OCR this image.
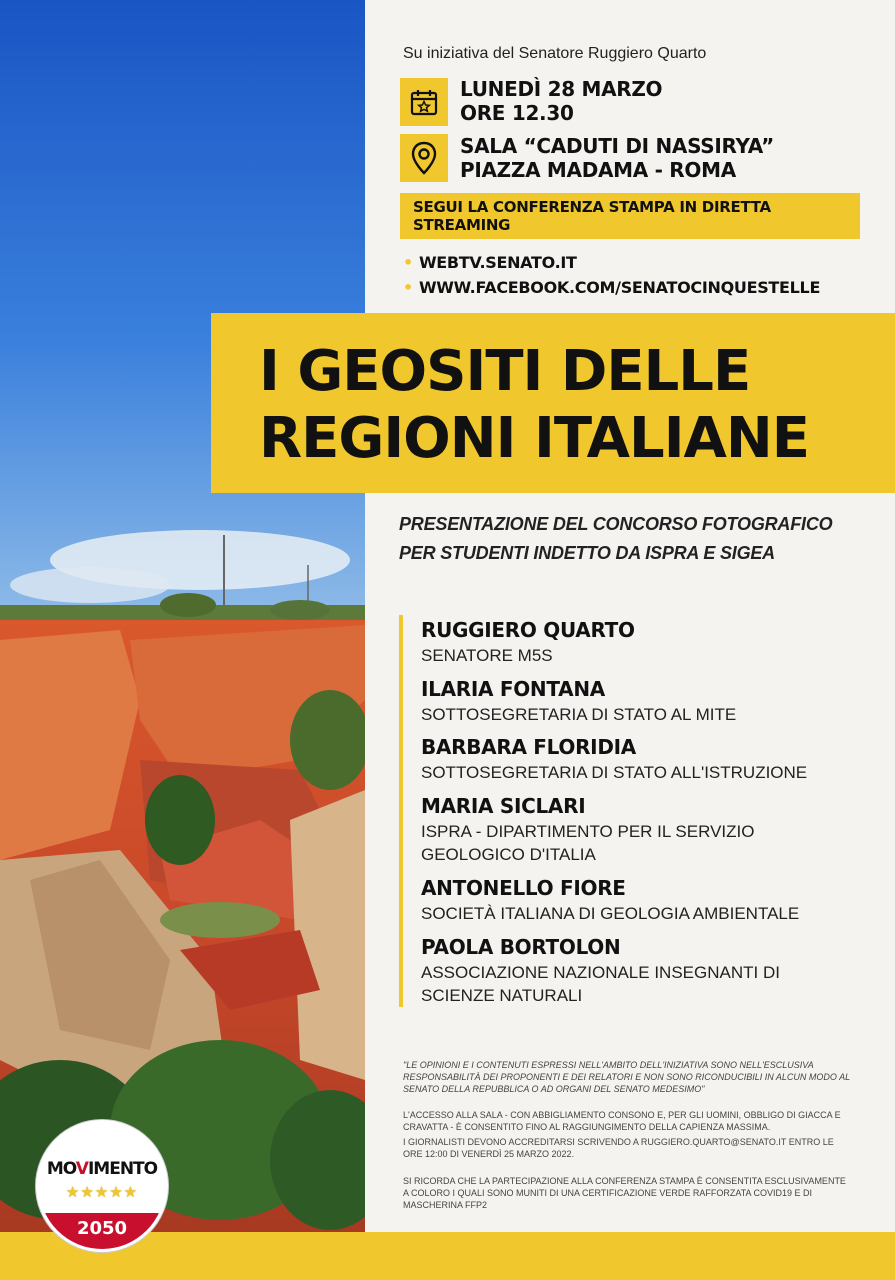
Su iniziativa del Senatore Ruggiero Quarto
LUNEDÌ 28 MARZO
ORE 12.30
SALA “CADUTI DI NASSIRYA”
PIAZZA MADAMA - ROMA
SEGUI LA CONFERENZA STAMPA IN DIRETTA STREAMING
• WEBTV.SENATO.IT
• WWW.FACEBOOK.COM/SENATOCINQUESTELLE
I GEOSITI DELLE
REGIONI ITALIANE
PRESENTAZIONE DEL CONCORSO FOTOGRAFICO
PER STUDENTI INDETTO DA ISPRA E SIGEA
RUGGIERO QUARTO
SENATORE M5S
ILARIA FONTANA
SOTTOSEGRETARIA DI STATO AL MITE
BARBARA FLORIDIA
SOTTOSEGRETARIA DI STATO ALL'ISTRUZIONE
MARIA SICLARI
ISPRA - DIPARTIMENTO PER IL SERVIZIO
GEOLOGICO D'ITALIA
ANTONELLO FIORE
SOCIETÀ ITALIANA DI GEOLOGIA AMBIENTALE
PAOLA BORTOLON
ASSOCIAZIONE NAZIONALE INSEGNANTI DI
SCIENZE NATURALI
"LE OPINIONI E I CONTENUTI ESPRESSI NELL'AMBITO DELL'INIZIATIVA SONO NELL'ESCLUSIVA RESPONSABILITÀ DEI PROPONENTI E DEI RELATORI E NON SONO RICONDUCIBILI IN ALCUN MODO AL SENATO DELLA REPUBBLICA O AD ORGANI DEL SENATO MEDESIMO"
L'ACCESSO ALLA SALA - CON ABBIGLIAMENTO CONSONO E, PER GLI UOMINI, OBBLIGO DI GIACCA E CRAVATTA - È CONSENTITO FINO AL RAGGIUNGIMENTO DELLA CAPIENZA MASSIMA.
I GIORNALISTI DEVONO ACCREDITARSI SCRIVENDO A RUGGIERO.QUARTO@SENATO.IT ENTRO LE ORE 12:00 DI VENERDÌ 25 MARZO 2022.
SI RICORDA CHE LA PARTECIPAZIONE ALLA CONFERENZA STAMPA È CONSENTITA ESCLUSIVAMENTE A COLORO I QUALI SONO MUNITI DI UNA CERTIFICAZIONE VERDE RAFFORZATA COVID19 E DI MASCHERINA FFP2
MOVIMENTO
★★★★★
2050
